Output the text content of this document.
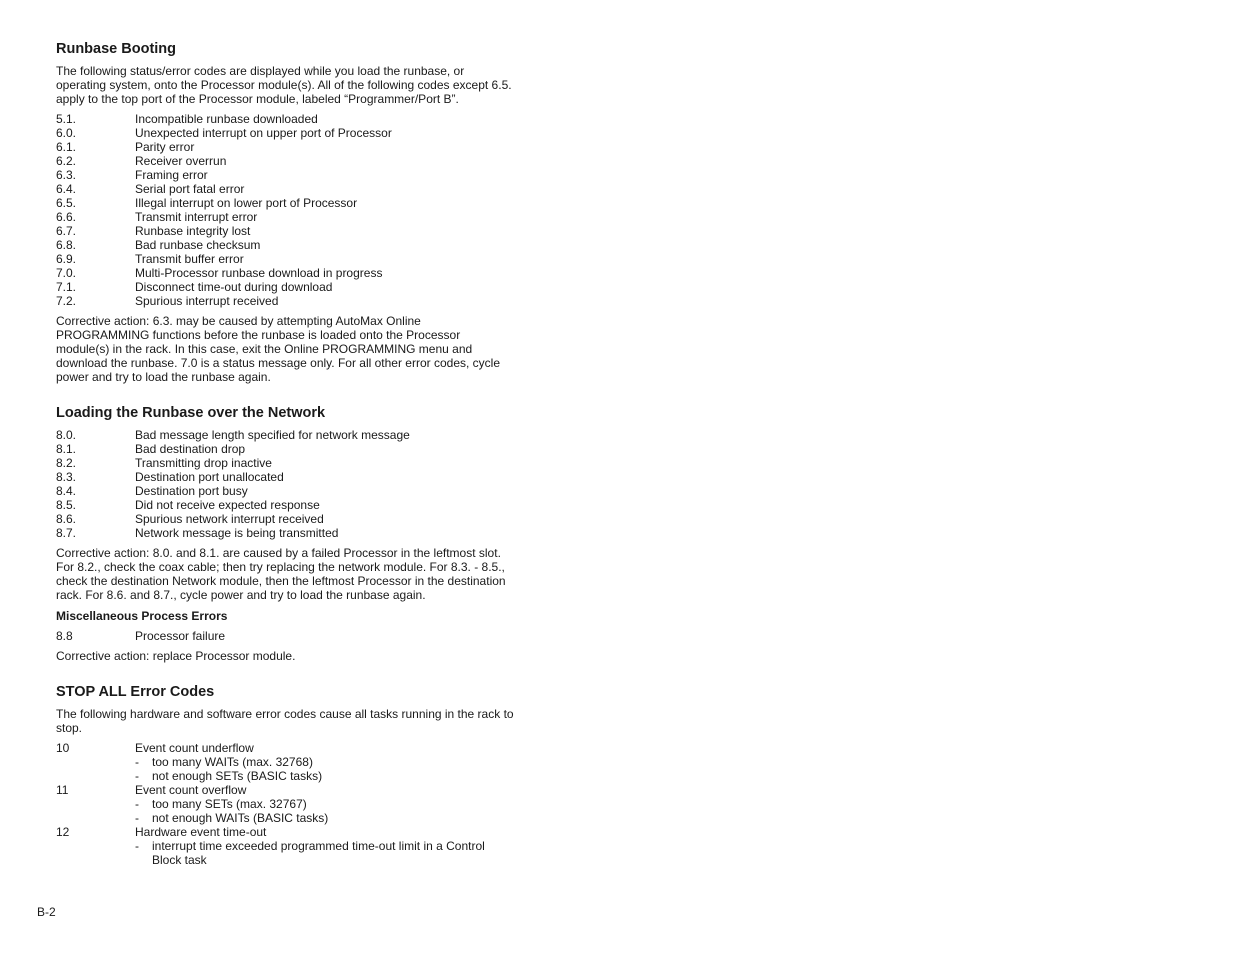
Runbase Booting

The following status/error codes are displayed while you load the runbase, or operating system, onto the Processor module(s). All of the following codes except 6.5. apply to the top port of the Processor module, labeled “Programmer/Port B”.

5.1.	Incompatible runbase downloaded
6.0.	Unexpected interrupt on upper port of Processor
6.1.	Parity error
6.2.	Receiver overrun
6.3.	Framing error
6.4.	Serial port fatal error
6.5.	Illegal interrupt on lower port of Processor
6.6.	Transmit interrupt error
6.7.	Runbase integrity lost
6.8.	Bad runbase checksum
6.9.	Transmit buffer error
7.0.	Multi-Processor runbase download in progress
7.1.	Disconnect time-out during download
7.2.	Spurious interrupt received

Corrective action: 6.3. may be caused by attempting AutoMax Online PROGRAMMING functions before the runbase is loaded onto the Processor module(s) in the rack. In this case, exit the Online PROGRAMMING menu and download the runbase. 7.0 is a status message only. For all other error codes, cycle power and try to load the runbase again.

Loading the Runbase over the Network
8.0.	Bad message length specified for network message
8.1.	Bad destination drop
8.2.	Transmitting drop inactive
8.3.	Destination port unallocated
8.4.	Destination port busy
8.5.	Did not receive expected response
8.6.	Spurious network interrupt received
8.7.	Network message is being transmitted

Corrective action: 8.0. and 8.1. are caused by a failed Processor in the leftmost slot. For 8.2., check the coax cable; then try replacing the network module. For 8.3. - 8.5., check the destination Network module, then the leftmost Processor in the destination rack. For 8.6. and 8.7., cycle power and try to load the runbase again.

Miscellaneous Process Errors
8.8	Processor failure

Corrective action: replace Processor module.

STOP ALL Error Codes

The following hardware and software error codes cause all tasks running in the rack to stop.

10	Event count underflow
-	too many WAITs (max. 32768)
-	not enough SETs (BASIC tasks)
11	Event count overflow
-	too many SETs (max. 32767)
-	not enough WAITs (BASIC tasks)
12	Hardware event time-out
-	interrupt time exceeded programmed time-out limit in a Control Block task
B-2
